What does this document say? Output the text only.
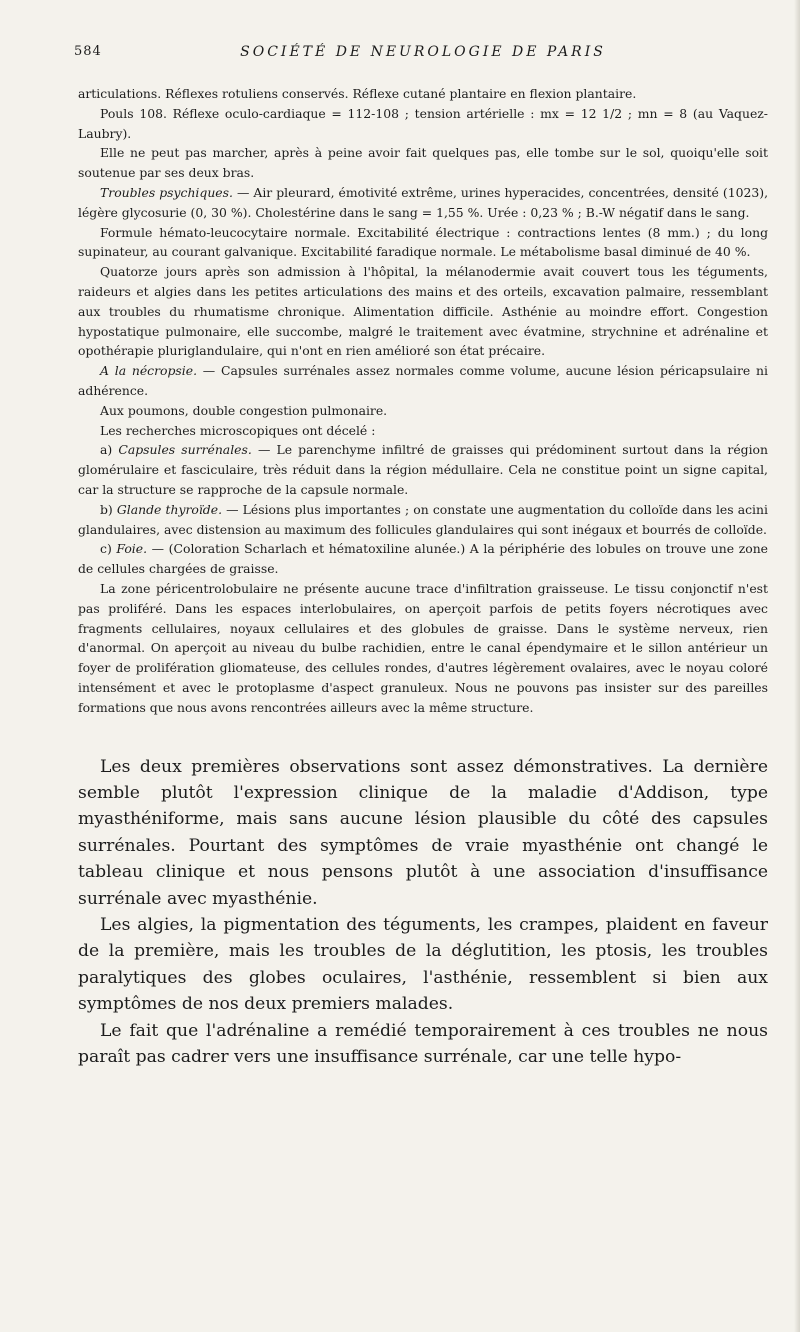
584	SOCIÉTÉ DE NEUROLOGIE DE PARIS

articulations. Réflexes rotuliens conservés. Réflexe cutané plantaire en flexion plantaire.

Pouls 108. Réflexe oculo-cardiaque = 112-108 ; tension artérielle : mx = 12 1/2 ; mn = 8 (au Vaquez-Laubry).

Elle ne peut pas marcher, après à peine avoir fait quelques pas, elle tombe sur le sol, quoiqu'elle soit soutenue par ses deux bras.

Troubles psychiques. — Air pleurard, émotivité extrême, urines hyperacides, concentrées, densité (1023), légère glycosurie (0, 30 %). Cholestérine dans le sang = 1,55 %. Urée : 0,23 % ; B.-W négatif dans le sang.

Formule hémato-leucocytaire normale. Excitabilité électrique : contractions lentes (8 mm.) ; du long supinateur, au courant galvanique. Excitabilité faradique normale. Le métabolisme basal diminué de 40 %.

Quatorze jours après son admission à l'hôpital, la mélanodermie avait couvert tous les téguments, raideurs et algies dans les petites articulations des mains et des orteils, excavation palmaire, ressemblant aux troubles du rhumatisme chronique. Alimentation difficile. Asthénie au moindre effort. Congestion hypostatique pulmonaire, elle succombe, malgré le traitement avec évatmine, strychnine et adrénaline et opothérapie pluriglandulaire, qui n'ont en rien amélioré son état précaire.

A la nécropsie. — Capsules surrénales assez normales comme volume, aucune lésion péricapsulaire ni adhérence.

Aux poumons, double congestion pulmonaire.

Les recherches microscopiques ont décelé :

a) Capsules surrénales. — Le parenchyme infiltré de graisses qui prédominent surtout dans la région glomérulaire et fasciculaire, très réduit dans la région médullaire. Cela ne constitue point un signe capital, car la structure se rapproche de la capsule normale.

b) Glande thyroïde. — Lésions plus importantes ; on constate une augmentation du colloïde dans les acini glandulaires, avec distension au maximum des follicules glandulaires qui sont inégaux et bourrés de colloïde.

c) Foie. — (Coloration Scharlach et hématoxiline alunée.) A la périphérie des lobules on trouve une zone de cellules chargées de graisse.

La zone péricentrolobulaire ne présente aucune trace d'infiltration graisseuse. Le tissu conjonctif n'est pas proliféré. Dans les espaces interlobulaires, on aperçoit parfois de petits foyers nécrotiques avec fragments cellulaires, noyaux cellulaires et des globules de graisse. Dans le système nerveux, rien d'anormal. On aperçoit au niveau du bulbe rachidien, entre le canal épendymaire et le sillon antérieur un foyer de prolifération gliomateuse, des cellules rondes, d'autres légèrement ovalaires, avec le noyau coloré intensément et avec le protoplasme d'aspect granuleux. Nous ne pouvons pas insister sur des pareilles formations que nous avons rencontrées ailleurs avec la même structure.

Les deux premières observations sont assez démonstratives. La dernière semble plutôt l'expression clinique de la maladie d'Addison, type myasthéniforme, mais sans aucune lésion plausible du côté des capsules surrénales. Pourtant des symptômes de vraie myasthénie ont changé le tableau clinique et nous pensons plutôt à une association d'insuffisance surrénale avec myasthénie.

Les algies, la pigmentation des téguments, les crampes, plaident en faveur de la première, mais les troubles de la déglutition, les ptosis, les troubles paralytiques des globes oculaires, l'asthénie, ressemblent si bien aux symptômes de nos deux premiers malades.

Le fait que l'adrénaline a remédié temporairement à ces troubles ne nous paraît pas cadrer vers une insuffisance surrénale, car une telle hypo-
